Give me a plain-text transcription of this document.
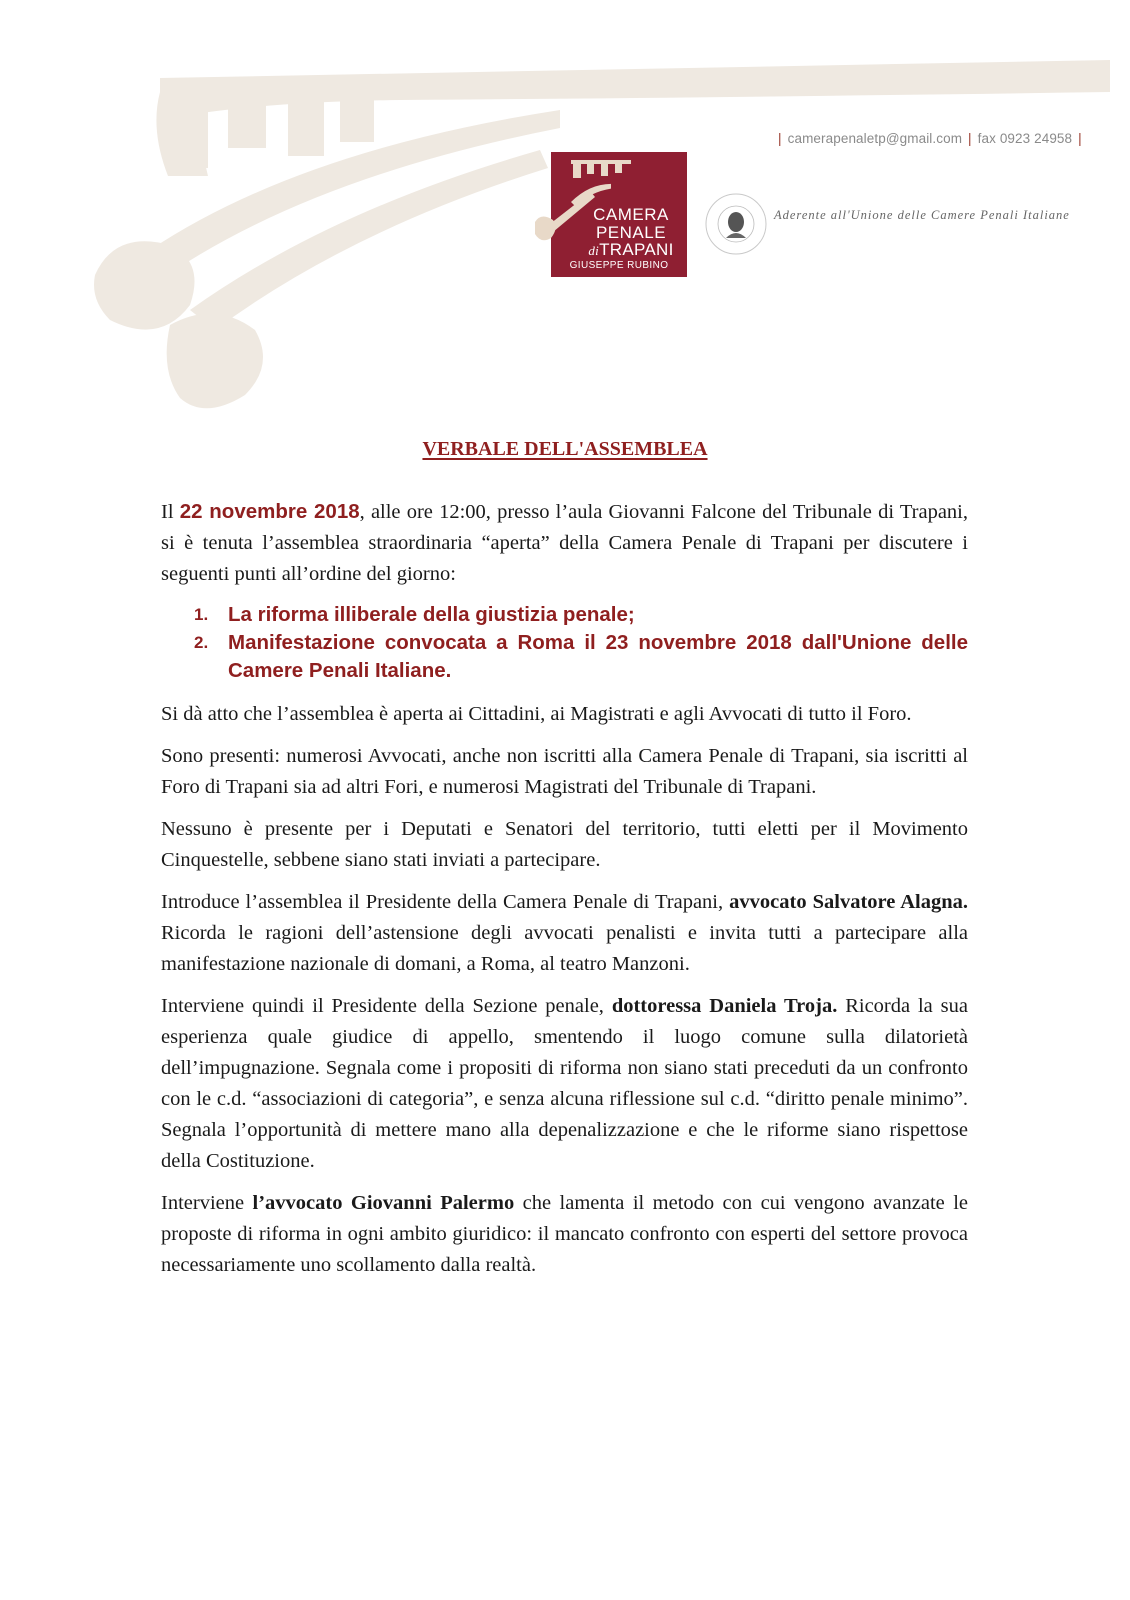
| camerapenaletp@gmail.com | fax 0923 24958 |
CAMERA
PENALE
diTRAPANI
GIUSEPPE RUBINO
Aderente all'Unione delle Camere Penali Italiane
VERBALE DELL'ASSEMBLEA

Il 22 novembre 2018, alle ore 12:00, presso l’aula Giovanni Falcone del Tribunale di Trapani, si è tenuta l’assemblea straordinaria “aperta” della Camera Penale di Trapani per discutere i seguenti punti all’ordine del giorno:

1. La riforma illiberale della giustizia penale;
2. Manifestazione convocata a Roma il 23 novembre 2018 dall'Unione delle Camere Penali Italiane.

Si dà atto che l’assemblea è aperta ai Cittadini, ai Magistrati e agli Avvocati di tutto il Foro.

Sono presenti: numerosi Avvocati, anche non iscritti alla Camera Penale di Trapani, sia iscritti al Foro di Trapani sia ad altri Fori, e numerosi Magistrati del Tribunale di Trapani.

Nessuno è presente per i Deputati e Senatori del territorio, tutti eletti per il Movimento Cinquestelle, sebbene siano stati inviati a partecipare.

Introduce l’assemblea il Presidente della Camera Penale di Trapani, avvocato Salvatore Alagna. Ricorda le ragioni dell’astensione degli avvocati penalisti e invita tutti a partecipare alla manifestazione nazionale di domani, a Roma, al teatro Manzoni.

Interviene quindi il Presidente della Sezione penale, dottoressa Daniela Troja. Ricorda la sua esperienza quale giudice di appello, smentendo il luogo comune sulla dilatorietà dell’impugnazione. Segnala come i propositi di riforma non siano stati preceduti da un confronto con le c.d. “associazioni di categoria”, e senza alcuna riflessione sul c.d. “diritto penale minimo”. Segnala l’opportunità di mettere mano alla depenalizzazione e che le riforme siano rispettose della Costituzione.

Interviene l’avvocato Giovanni Palermo che lamenta il metodo con cui vengono avanzate le proposte di riforma in ogni ambito giuridico: il mancato confronto con esperti del settore provoca necessariamente uno scollamento dalla realtà.
